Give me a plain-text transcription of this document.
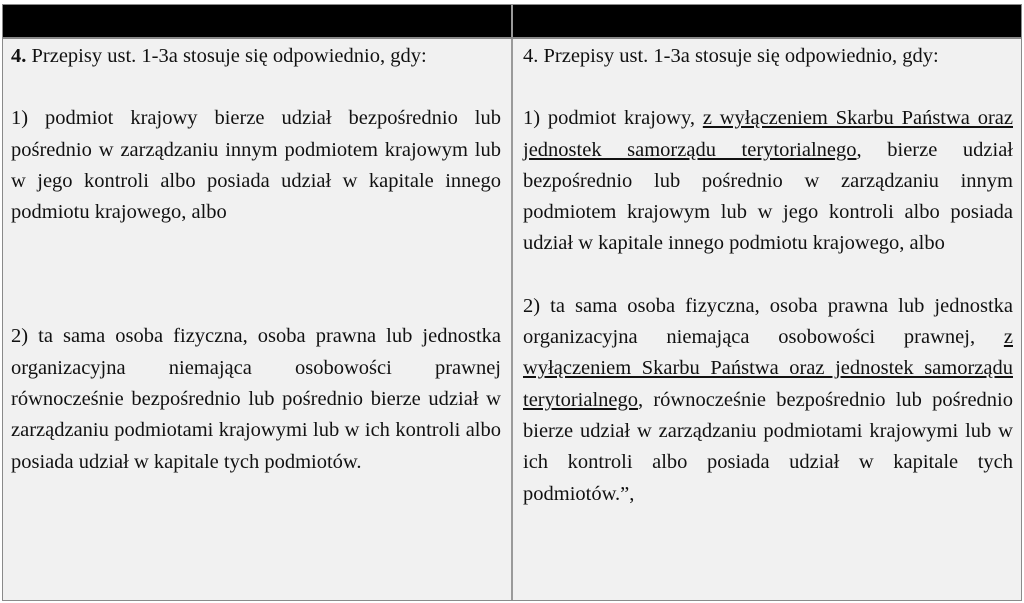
4. Przepisy ust. 1-3a stosuje się odpowiednio, gdy:

1) podmiot krajowy bierze udział bezpośrednio lub pośrednio w zarządzaniu innym podmiotem krajowym lub w jego kontroli albo posiada udział w kapitale innego podmiotu krajowego, albo

2) ta sama osoba fizyczna, osoba prawna lub jednostka organizacyjna niemająca osobowości prawnej równocześnie bezpośrednio lub pośrednio bierze udział w zarządzaniu podmiotami krajowymi lub w ich kontroli albo posiada udział w kapitale tych podmiotów.

4. Przepisy ust. 1-3a stosuje się odpowiednio, gdy:

1) podmiot krajowy, z wyłączeniem Skarbu Państwa oraz jednostek samorządu terytorialnego, bierze udział bezpośrednio lub pośrednio w zarządzaniu innym podmiotem krajowym lub w jego kontroli albo posiada udział w kapitale innego podmiotu krajowego, albo

2) ta sama osoba fizyczna, osoba prawna lub jednostka organizacyjna niemająca osobowości prawnej, z wyłączeniem Skarbu Państwa oraz jednostek samorządu terytorialnego, równocześnie bezpośrednio lub pośrednio bierze udział w zarządzaniu podmiotami krajowymi lub w ich kontroli albo posiada udział w kapitale tych podmiotów.”,
